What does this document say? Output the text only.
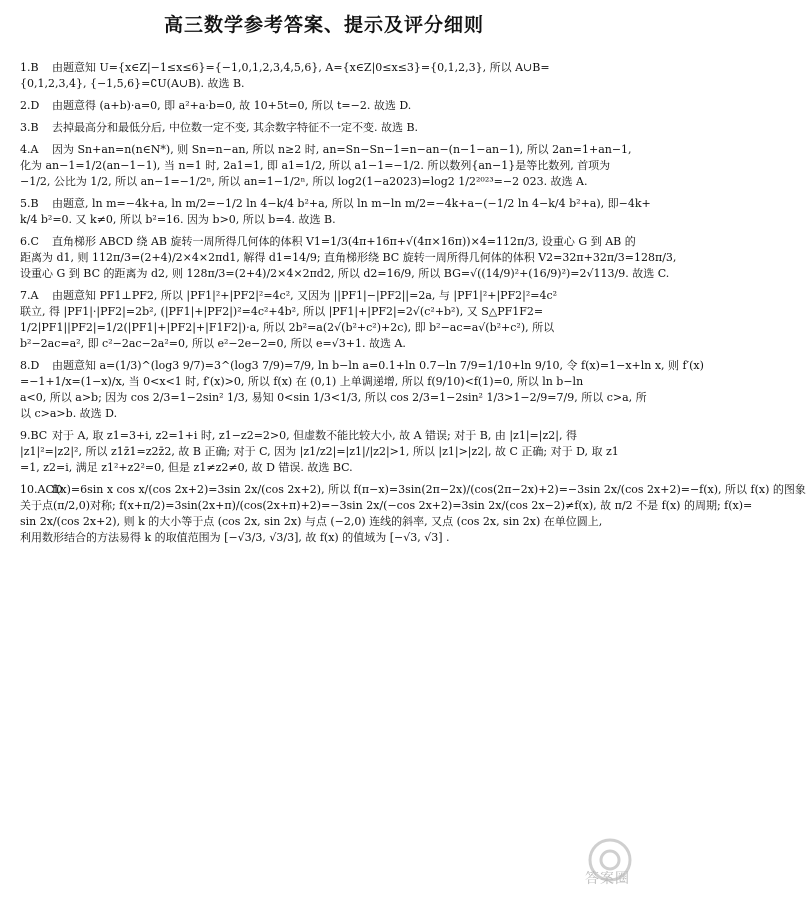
高三数学参考答案、提示及评分细则
1.B 由题意知 U={x∈Z|−1≤x≤6}={−1,0,1,2,3,4,5,6}, A={x∈Z|0≤x≤3}={0,1,2,3}, 所以 A∪B=
{0,1,2,3,4}, {−1,5,6}=∁U(A∪B). 故选 B.
2.D 由题意得 (a+b)·a=0, 即 a²+a·b=0, 故 10+5t=0, 所以 t=−2. 故选 D.
3.B 去掉最高分和最低分后, 中位数一定不变, 其余数字特征不一定不变. 故选 B.
4.A 因为 Sn+an=n(n∈N*), 则 Sn=n−an, 所以 n≥2 时, an=Sn−Sn−1=n−an−(n−1−an−1), 所以 2an=1+an−1,
化为 an−1=1/2(an−1−1), 当 n=1 时, 2a1=1, 即 a1=1/2, 所以 a1−1=−1/2. 所以数列{an−1}是等比数列, 首项为
−1/2, 公比为 1/2, 所以 an−1=−1/2ⁿ, 所以 an=1−1/2ⁿ, 所以 log2(1−a2023)=log2 1/2²⁰²³=−2 023. 故选 A.
5.B 由题意, ln m=−4k+a, ln m/2=−1/2 ln 4−k/4 b²+a, 所以 ln m−ln m/2=−4k+a−(−1/2 ln 4−k/4 b²+a), 即−4k+
k/4 b²=0. 又 k≠0, 所以 b²=16. 因为 b>0, 所以 b=4. 故选 B.
6.C 直角梯形 ABCD 绕 AB 旋转一周所得几何体的体积 V1=1/3(4π+16π+√(4π×16π))×4=112π/3, 设重心 G 到 AB 的
距离为 d1, 则 112π/3=(2+4)/2×4×2πd1, 解得 d1=14/9; 直角梯形绕 BC 旋转一周所得几何体的体积 V2=32π+32π/3=128π/3,
设重心 G 到 BC 的距离为 d2, 则 128π/3=(2+4)/2×4×2πd2, 所以 d2=16/9, 所以 BG=√((14/9)²+(16/9)²)=2√113/9. 故选 C.
7.A 由题意知 PF1⊥PF2, 所以 |PF1|²+|PF2|²=4c², 又因为 ||PF1|−|PF2||=2a, 与 |PF1|²+|PF2|²=4c²
联立, 得 |PF1|·|PF2|=2b², (|PF1|+|PF2|)²=4c²+4b², 所以 |PF1|+|PF2|=2√(c²+b²), 又 S△PF1F2=
1/2|PF1||PF2|=1/2(|PF1|+|PF2|+|F1F2|)·a, 所以 2b²=a(2√(b²+c²)+2c), 即 b²−ac=a√(b²+c²), 所以
b²−2ac=a², 即 c²−2ac−2a²=0, 所以 e²−2e−2=0, 所以 e=√3+1. 故选 A.
8.D 由题意知 a=(1/3)^(log3 9/7)=3^(log3 7/9)=7/9, ln b−ln a=0.1+ln 0.7−ln 7/9=1/10+ln 9/10, 令 f(x)=1−x+ln x, 则 f′(x)
=−1+1/x=(1−x)/x, 当 0<x<1 时, f′(x)>0, 所以 f(x) 在 (0,1) 上单调递增, 所以 f(9/10)<f(1)=0, 所以 ln b−ln
a<0, 所以 a>b; 因为 cos 2/3=1−2sin² 1/3, 易知 0<sin 1/3<1/3, 所以 cos 2/3=1−2sin² 1/3>1−2/9=7/9, 所以 c>a, 所
以 c>a>b. 故选 D.
9.BC 对于 A, 取 z1=3+i, z2=1+i 时, z1−z2=2>0, 但虚数不能比较大小, 故 A 错误; 对于 B, 由 |z1|=|z2|, 得
|z1|²=|z2|², 所以 z1z̄1=z2z̄2, 故 B 正确; 对于 C, 因为 |z1/z2|=|z1|/|z2|>1, 所以 |z1|>|z2|, 故 C 正确; 对于 D, 取 z1
=1, z2=i, 满足 z1²+z2²=0, 但是 z1≠z2≠0, 故 D 错误. 故选 BC.
10.ACDf(x)=6sin x cos x/(cos 2x+2)=3sin 2x/(cos 2x+2), 所以 f(π−x)=3sin(2π−2x)/(cos(2π−2x)+2)=−3sin 2x/(cos 2x+2)=−f(x), 所以 f(x) 的图象
关于点(π/2,0)对称; f(x+π/2)=3sin(2x+π)/(cos(2x+π)+2)=−3sin 2x/(−cos 2x+2)=3sin 2x/(cos 2x−2)≠f(x), 故 π/2 不是 f(x) 的周期; f(x)=
sin 2x/(cos 2x+2), 则 k 的大小等于点 (cos 2x, sin 2x) 与点 (−2,0) 连线的斜率, 又点 (cos 2x, sin 2x) 在单位圆上,
利用数形结合的方法易得 k 的取值范围为 [−√3/3, √3/3], 故 f(x) 的值域为 [−√3, √3] .
答案圈
